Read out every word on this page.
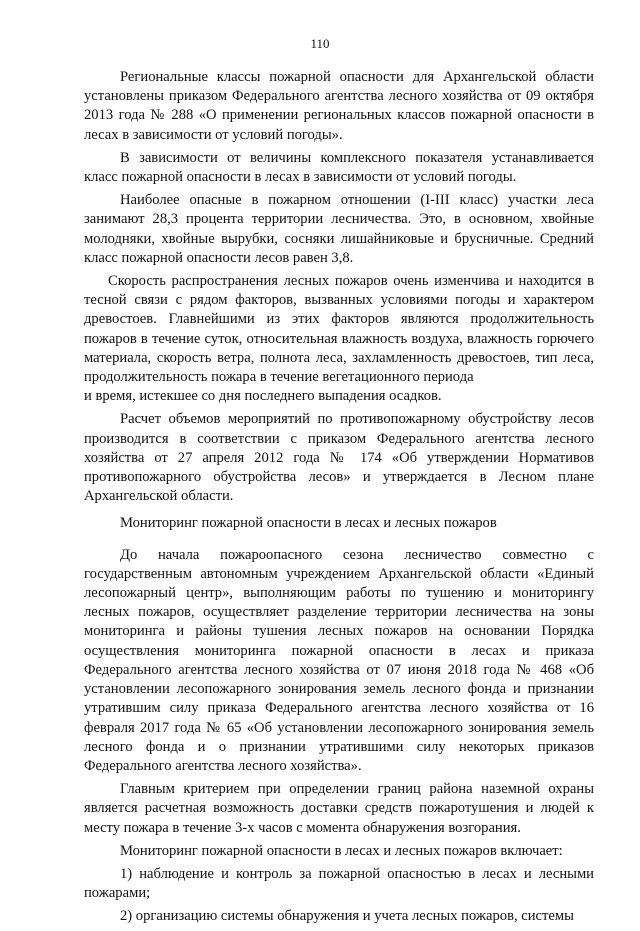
110

Региональные классы пожарной опасности для Архангельской области установлены приказом Федерального агентства лесного хозяйства от 09 октября 2013 года № 288 «О применении региональных классов пожарной опасности в лесах в зависимости от условий погоды».

В зависимости от величины комплексного показателя устанавливается класс пожарной опасности в лесах в зависимости от условий погоды.

Наиболее опасные в пожарном отношении (I-III класс) участки леса занимают 28,3 процента территории лесничества. Это, в основном, хвойные молодняки, хвойные вырубки, сосняки лишайниковые и брусничные. Средний класс пожарной опасности лесов равен 3,8.

Скорость распространения лесных пожаров очень изменчива и находится в тесной связи с рядом факторов, вызванных условиями погоды и характером древостоев. Главнейшими из этих факторов являются продолжительность пожаров в течение суток, относительная влажность воздуха, влажность горючего материала, скорость ветра, полнота леса, захламленность древостоев, тип леса, продолжительность пожара в течение вегетационного периода

и время, истекшее со дня последнего выпадения осадков.

Расчет объемов мероприятий по противопожарному обустройству лесов производится в соответствии с приказом Федерального агентства лесного хозяйства от 27 апреля 2012 года № 174 «Об утверждении Нормативов противопожарного обустройства лесов» и утверждается в Лесном плане Архангельской области.

Мониторинг пожарной опасности в лесах и лесных пожаров

До начала пожароопасного сезона лесничество совместно с государственным автономным учреждением Архангельской области «Единый лесопожарный центр», выполняющим работы по тушению и мониторингу лесных пожаров, осуществляет разделение территории лесничества на зоны мониторинга и районы тушения лесных пожаров на основании Порядка осуществления мониторинга пожарной опасности в лесах и приказа Федерального агентства лесного хозяйства от 07 июня 2018 года № 468 «Об установлении лесопожарного зонирования земель лесного фонда и признании утратившим силу приказа Федерального агентства лесного хозяйства от 16 февраля 2017 года № 65 «Об установлении лесопожарного зонирования земель лесного фонда и о признании утратившими силу некоторых приказов Федерального агентства лесного хозяйства».

Главным критерием при определении границ района наземной охраны является расчетная возможность доставки средств пожаротушения и людей к месту пожара в течение 3-х часов с момента обнаружения возгорания.

Мониторинг пожарной опасности в лесах и лесных пожаров включает:

1) наблюдение и контроль за пожарной опасностью в лесах и лесными пожарами;

2) организацию системы обнаружения и учета лесных пожаров, системы
